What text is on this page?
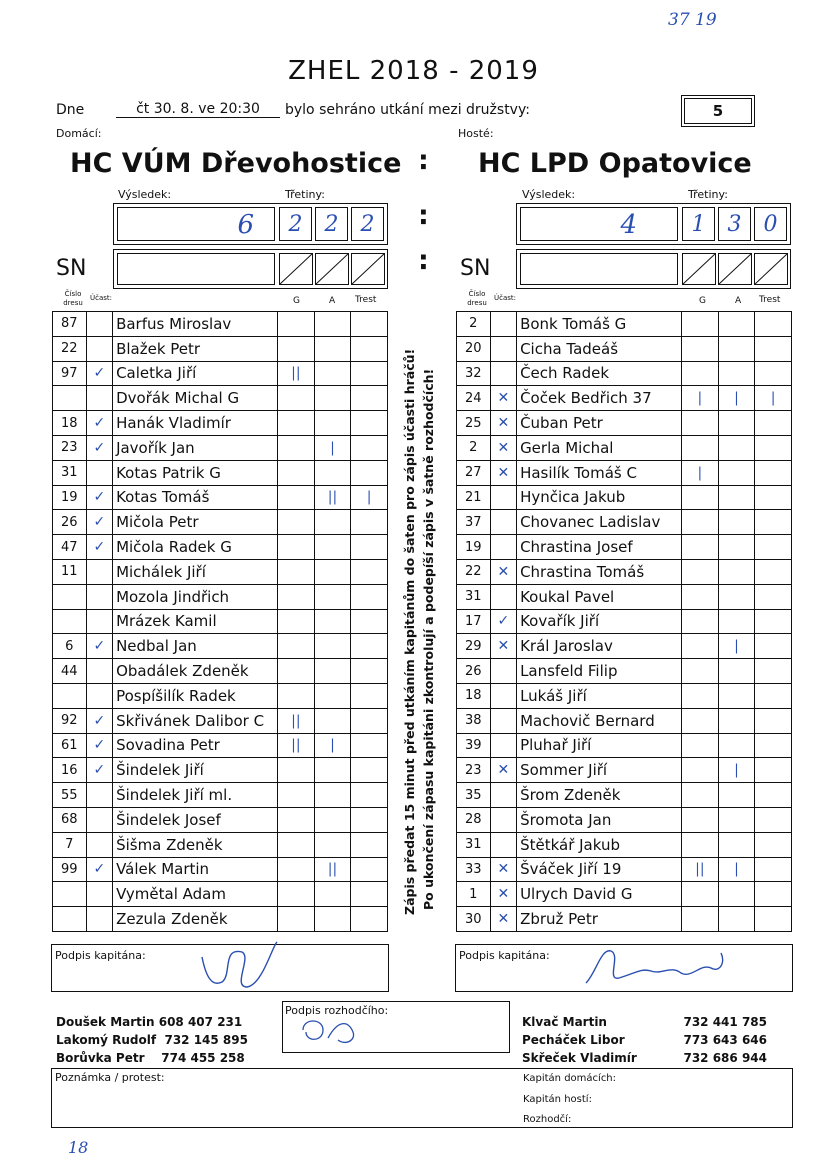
37 19
ZHEL 2018 - 2019
Dne	čt 30. 8. ve 20:30	bylo sehráno utkání mezi družstvy:	5
Domácí:	Hosté:
HC VÚM Dřevohostice : HC LPD Opatovice
Výsledek:	Třetiny:	Výsledek:	Třetiny:
6	2	2	2	:	4	1	3	0
SN	: SN
Číslo dresu
Účast:	G	A Trest
Číslo dresu
Účast:	G	A Trest
87		Barfus Miroslav			
22		Blažek Petr			
97	✓	Caletka Jiří	||		
		Dvořák Michal G			
18	✓	Hanák Vladimír			
23	✓	Javořík Jan		|	
31		Kotas Patrik G			
19	✓	Kotas Tomáš		||	|
26	✓	Mičola Petr			
47	✓	Mičola Radek G			
11		Michálek Jiří			
		Mozola Jindřich			
		Mrázek Kamil			
6	✓	Nedbal Jan			
44		Obadálek Zdeněk			
		Pospíšilík Radek			
92	✓	Skřivánek Dalibor C	||		
61	✓	Sovadina Petr	||	|	
16	✓	Šindelek Jiří			
55		Šindelek Jiří ml.			
68		Šindelek Josef			
7		Šišma Zdeněk			
99	✓	Válek Martin		||	
		Vymětal Adam			
		Zezula Zdeněk			
2		Bonk Tomáš G			
20		Cicha Tadeáš			
32		Čech Radek			
24	✕	Čoček Bedřich 37	|	|	|
25	✕	Čuban Petr			
2	✕	Gerla Michal			
27	✕	Hasilík Tomáš C	|		
21		Hynčica Jakub			
37		Chovanec Ladislav			
19		Chrastina Josef			
22	✕	Chrastina Tomáš			
31		Koukal Pavel			
17	✓	Kovařík Jiří			
29	✕	Král Jaroslav		|	
26		Lansfeld Filip			
18		Lukáš Jiří			
38		Machovič Bernard			
39		Pluhař Jiří			
23	✕	Sommer Jiří		|	
35		Šrom Zdeněk			
28		Šromota Jan			
31		Štětkář Jakub			
33	✕	Šváček Jiří 19	||	|	
1	✕	Ulrych David G			
30	✕	Zbruž Petr			
Zápis předat 15 minut před utkáním kapitánům do šaten pro zápis účasti hráčů! Po ukončení zápasu kapitáni zkontrolují a podepíší zápis v šatně rozhodčích!
Podpis kapitána:	Podpis kapitána:
Doušek Martin 608 407 231
Lakomý Rudolf 732 145 895
Borůvka Petr 774 455 258
Podpis rozhodčího:
Klvač Martin	732 441 785
Pecháček Libor	773 643 646
Skřeček Vladimír	732 686 944
Poznámka / protest:	Kapitán domácích:
Kapitán hostí:
Rozhodčí:
18
